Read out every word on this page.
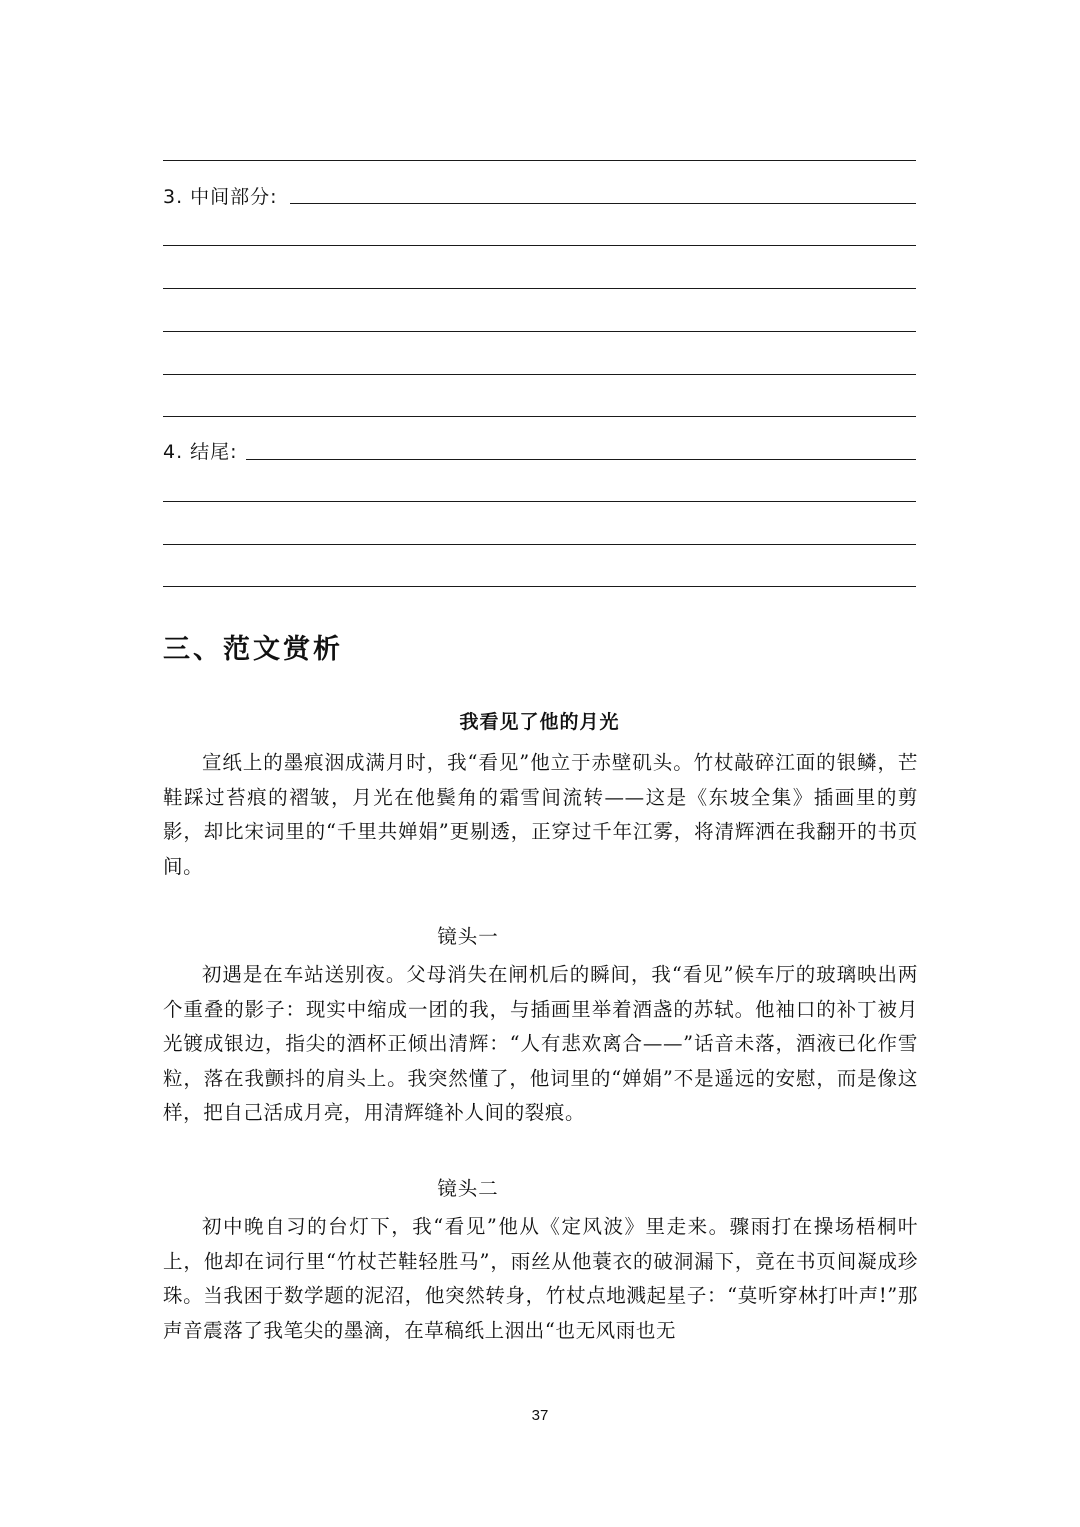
3. 中间部分:
4. 结尾:
三、范文赏析
我看见了他的月光

宣纸上的墨痕洇成满月时，我“看见”他立于赤壁矶头。竹杖敲碎江面的银鳞，芒鞋踩过苔痕的褶皱，月光在他鬓角的霜雪间流转——这是《东坡全集》插画里的剪影，却比宋词里的“千里共婵娟”更剔透，正穿过千年江雾，将清辉洒在我翻开的书页间。

镜头一

初遇是在车站送别夜。父母消失在闸机后的瞬间，我“看见”候车厅的玻璃映出两个重叠的影子：现实中缩成一团的我，与插画里举着酒盏的苏轼。他袖口的补丁被月光镀成银边，指尖的酒杯正倾出清辉：“人有悲欢离合——”话音未落，酒液已化作雪粒，落在我颤抖的肩头上。我突然懂了，他词里的“婵娟”不是遥远的安慰，而是像这样，把自己活成月亮，用清辉缝补人间的裂痕。

镜头二

初中晚自习的台灯下，我“看见”他从《定风波》里走来。骤雨打在操场梧桐叶上，他却在词行里“竹杖芒鞋轻胜马”，雨丝从他蓑衣的破洞漏下，竟在书页间凝成珍珠。当我困于数学题的泥沼，他突然转身，竹杖点地溅起星子：“莫听穿林打叶声!”那声音震落了我笔尖的墨滴，在草稿纸上洇出“也无风雨也无

37
